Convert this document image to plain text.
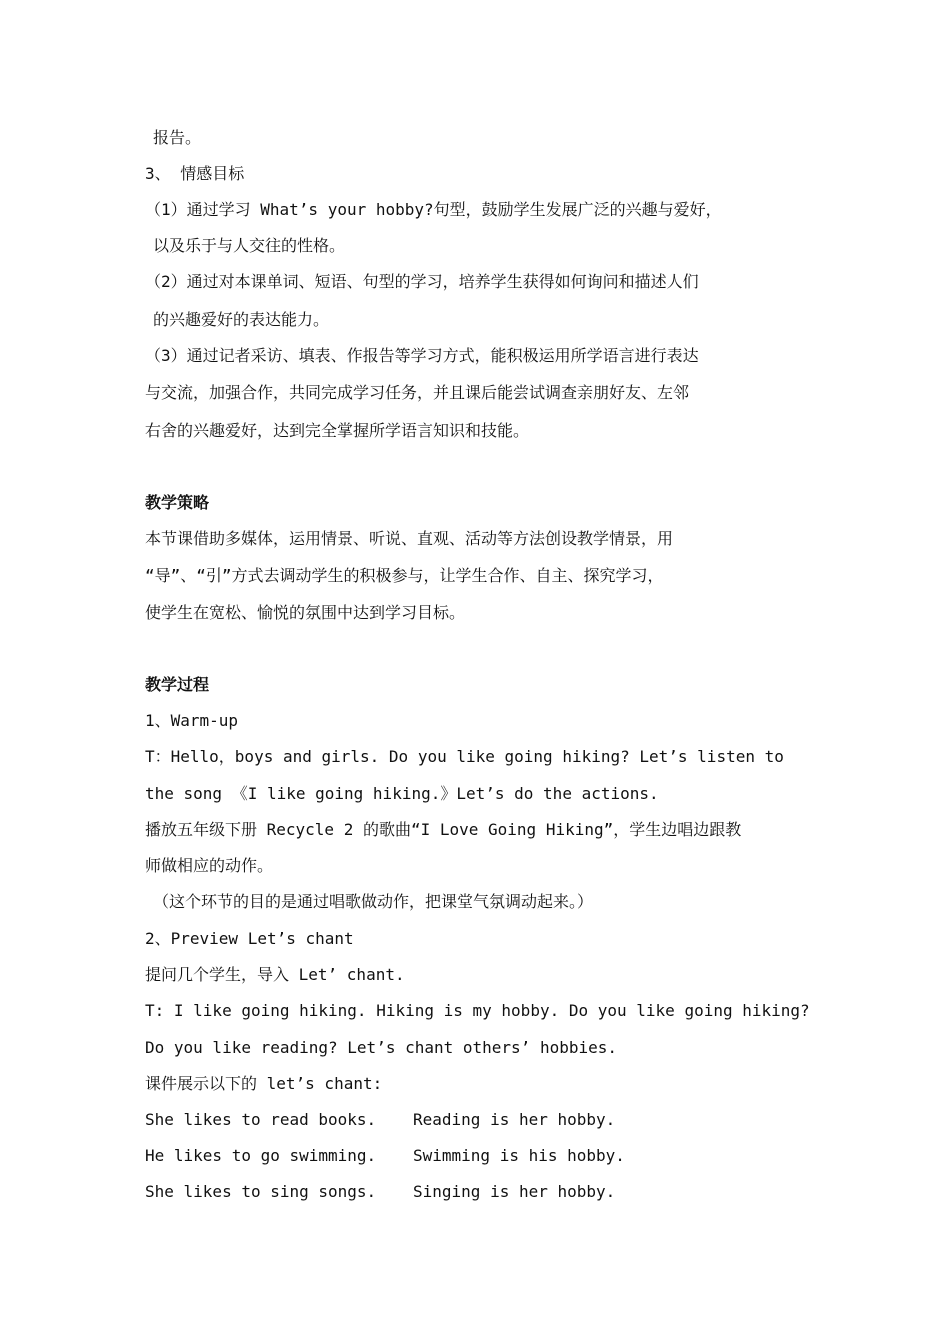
报告。
3、 情感目标
（1）通过学习 What’s your hobby?句型，鼓励学生发展广泛的兴趣与爱好，
以及乐于与人交往的性格。
（2）通过对本课单词、短语、句型的学习，培养学生获得如何询问和描述人们
的兴趣爱好的表达能力。
（3）通过记者采访、填表、作报告等学习方式，能积极运用所学语言进行表达
与交流，加强合作，共同完成学习任务，并且课后能尝试调查亲朋好友、左邻
右舍的兴趣爱好，达到完全掌握所学语言知识和技能。
教学策略
本节课借助多媒体，运用情景、听说、直观、活动等方法创设教学情景，用
“导”、“引”方式去调动学生的积极参与，让学生合作、自主、探究学习，
使学生在宽松、愉悦的氛围中达到学习目标。
教学过程
1、Warm-up
T：Hello，boys and girls. Do you like going hiking? Let’s listen to
the song 《I like going hiking.》Let’s do the actions.
播放五年级下册 Recycle 2 的歌曲“I Love Going Hiking”，学生边唱边跟教
师做相应的动作。
（这个环节的目的是通过唱歌做动作，把课堂气氛调动起来。）
2、Preview Let’s chant
提问几个学生，导入 Let’ chant.
T: I like going hiking. Hiking is my hobby. Do you like going hiking?
Do you like reading? Let’s chant others’ hobbies.
课件展示以下的 let’s chant:
She likes to read books. Reading is her hobby.
He likes to go swimming. Swimming is his hobby.
She likes to sing songs. Singing is her hobby.
